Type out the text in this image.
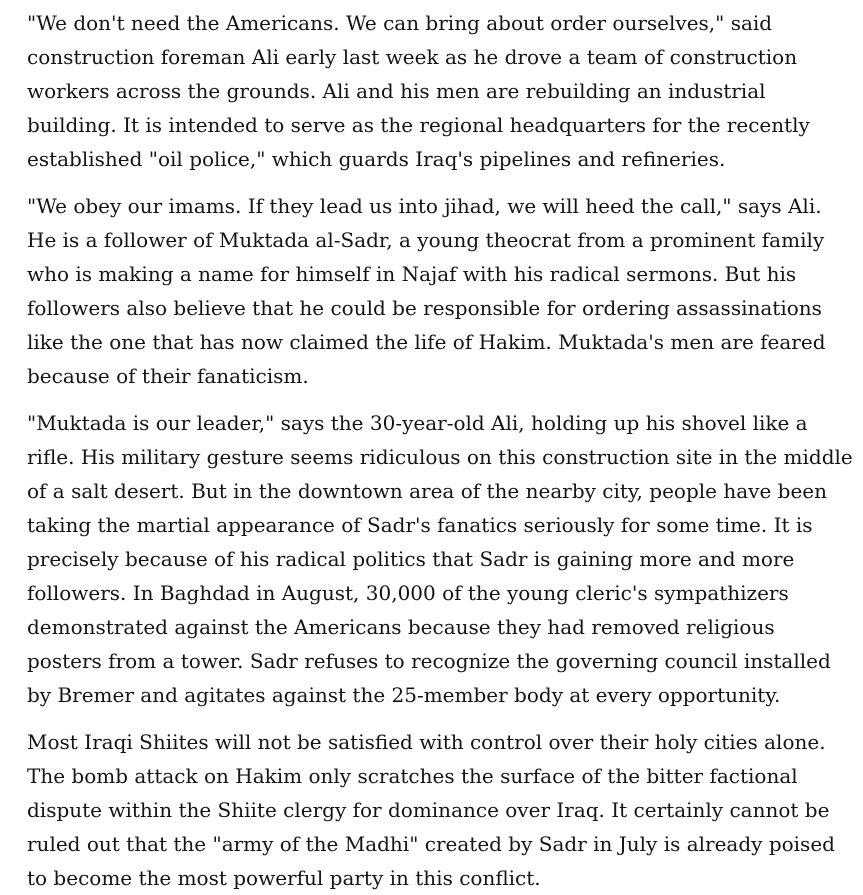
"We don't need the Americans. We can bring about order ourselves," said construction foreman Ali early last week as he drove a team of construction workers across the grounds. Ali and his men are rebuilding an industrial building. It is intended to serve as the regional headquarters for the recently established "oil police," which guards Iraq's pipelines and refineries.

"We obey our imams. If they lead us into jihad, we will heed the call," says Ali. He is a follower of Muktada al-Sadr, a young theocrat from a prominent family who is making a name for himself in Najaf with his radical sermons. But his followers also believe that he could be responsible for ordering assassinations like the one that has now claimed the life of Hakim. Muktada's men are feared because of their fanaticism.

"Muktada is our leader," says the 30-year-old Ali, holding up his shovel like a rifle. His military gesture seems ridiculous on this construction site in the middle of a salt desert. But in the downtown area of the nearby city, people have been taking the martial appearance of Sadr's fanatics seriously for some time. It is precisely because of his radical politics that Sadr is gaining more and more followers. In Baghdad in August, 30,000 of the young cleric's sympathizers demonstrated against the Americans because they had removed religious posters from a tower. Sadr refuses to recognize the governing council installed by Bremer and agitates against the 25-member body at every opportunity.

Most Iraqi Shiites will not be satisfied with control over their holy cities alone. The bomb attack on Hakim only scratches the surface of the bitter factional dispute within the Shiite clergy for dominance over Iraq. It certainly cannot be ruled out that the "army of the Madhi" created by Sadr in July is already poised to become the most powerful party in this conflict.
